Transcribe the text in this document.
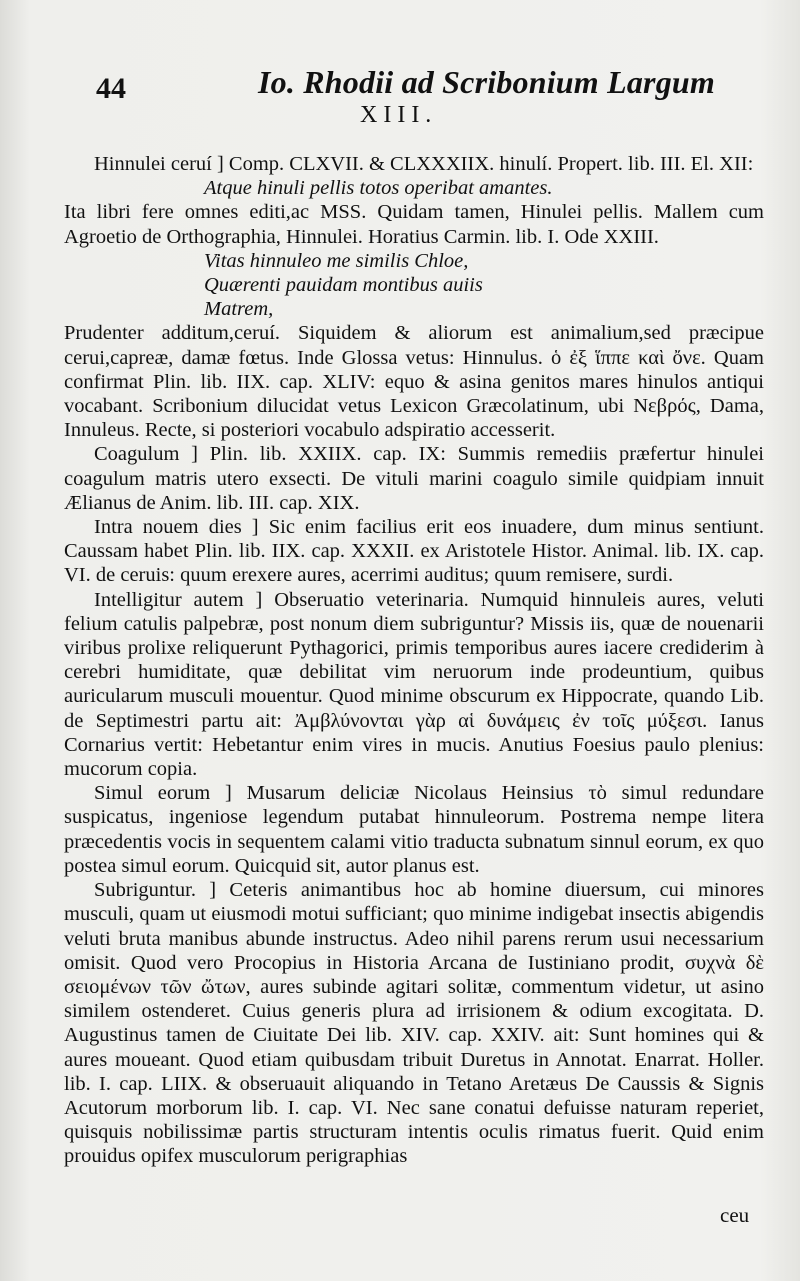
44	Io. Rhodii ad Scribonium Largum
XIII.

Hinnulei ceruí ] Comp. CLXVII. & CLXXXIIX. hinulí. Propert. lib. III. El. XII:

Atque hinuli pellis totos operibat amantes.

Ita libri fere omnes editi,ac MSS. Quidam tamen, Hinulei pellis. Mallem cum Agroetio de Orthographia, Hinnulei. Horatius Carmin. lib. I. Ode XXIII.

Vitas hinnuleo me similis Chloe,

Quærenti pauidam montibus auiis

Matrem,

Prudenter additum,ceruí. Siquidem & aliorum est animalium,sed præcipue cerui,capreæ, damæ fœtus. Inde Glossa vetus: Hinnulus. ὁ ἐξ ἵππε καὶ ὄνε. Quam confirmat Plin. lib. IIX. cap. XLIV: equo & asina genitos mares hinulos antiqui vocabant. Scribonium dilucidat vetus Lexicon Græcolatinum, ubi Νεβρός, Dama, Innuleus. Recte, si posteriori vocabulo adspiratio accesserit.

Coagulum ] Plin. lib. XXIIX. cap. IX: Summis remediis præfertur hinulei coagulum matris utero exsecti. De vituli marini coagulo simile quidpiam innuit Ælianus de Anim. lib. III. cap. XIX.

Intra nouem dies ] Sic enim facilius erit eos inuadere, dum minus sentiunt. Caussam habet Plin. lib. IIX. cap. XXXII. ex Aristotele Histor. Animal. lib. IX. cap. VI. de ceruis: quum erexere aures, acerrimi auditus; quum remisere, surdi.

Intelligitur autem ] Obseruatio veterinaria. Numquid hinnuleis aures, veluti felium catulis palpebræ, post nonum diem subriguntur? Missis iis, quæ de nouenarii viribus prolixe reliquerunt Pythagorici, primis temporibus aures iacere crediderim à cerebri humiditate, quæ debilitat vim neruorum inde prodeuntium, quibus auricularum musculi mouentur. Quod minime obscurum ex Hippocrate, quando Lib. de Septimestri partu ait: Ἀμβλύνονται γὰρ αἱ δυνάμεις ἐν τοῖς μύξεσι. Ianus Cornarius vertit: Hebetantur enim vires in mucis. Anutius Foesius paulo plenius: mucorum copia.

Simul eorum ] Musarum deliciæ Nicolaus Heinsius τὸ simul redundare suspicatus, ingeniose legendum putabat hinnuleorum. Postrema nempe litera præcedentis vocis in sequentem calami vitio traducta subnatum sinnul eorum, ex quo postea simul eorum. Quicquid sit, autor planus est.

Subriguntur. ] Ceteris animantibus hoc ab homine diuersum, cui minores musculi, quam ut eiusmodi motui sufficiant; quo minime indigebat insectis abigendis veluti bruta manibus abunde instructus. Adeo nihil parens rerum usui necessarium omisit. Quod vero Procopius in Historia Arcana de Iustiniano prodit, συχνὰ δὲ σειομένων τῶν ὤτων, aures subinde agitari solitæ, commentum videtur, ut asino similem ostenderet. Cuius generis plura ad irrisionem & odium excogitata. D. Augustinus tamen de Ciuitate Dei lib. XIV. cap. XXIV. ait: Sunt homines qui & aures moueant. Quod etiam quibusdam tribuit Duretus in Annotat. Enarrat. Holler. lib. I. cap. LIIX. & obseruauit aliquando in Tetano Aretæus De Caussis & Signis Acutorum morborum lib. I. cap. VI. Nec sane conatui defuisse naturam reperiet, quisquis nobilissimæ partis structuram intentis oculis rimatus fuerit. Quid enim prouidus opifex musculorum perigraphias

ceu
